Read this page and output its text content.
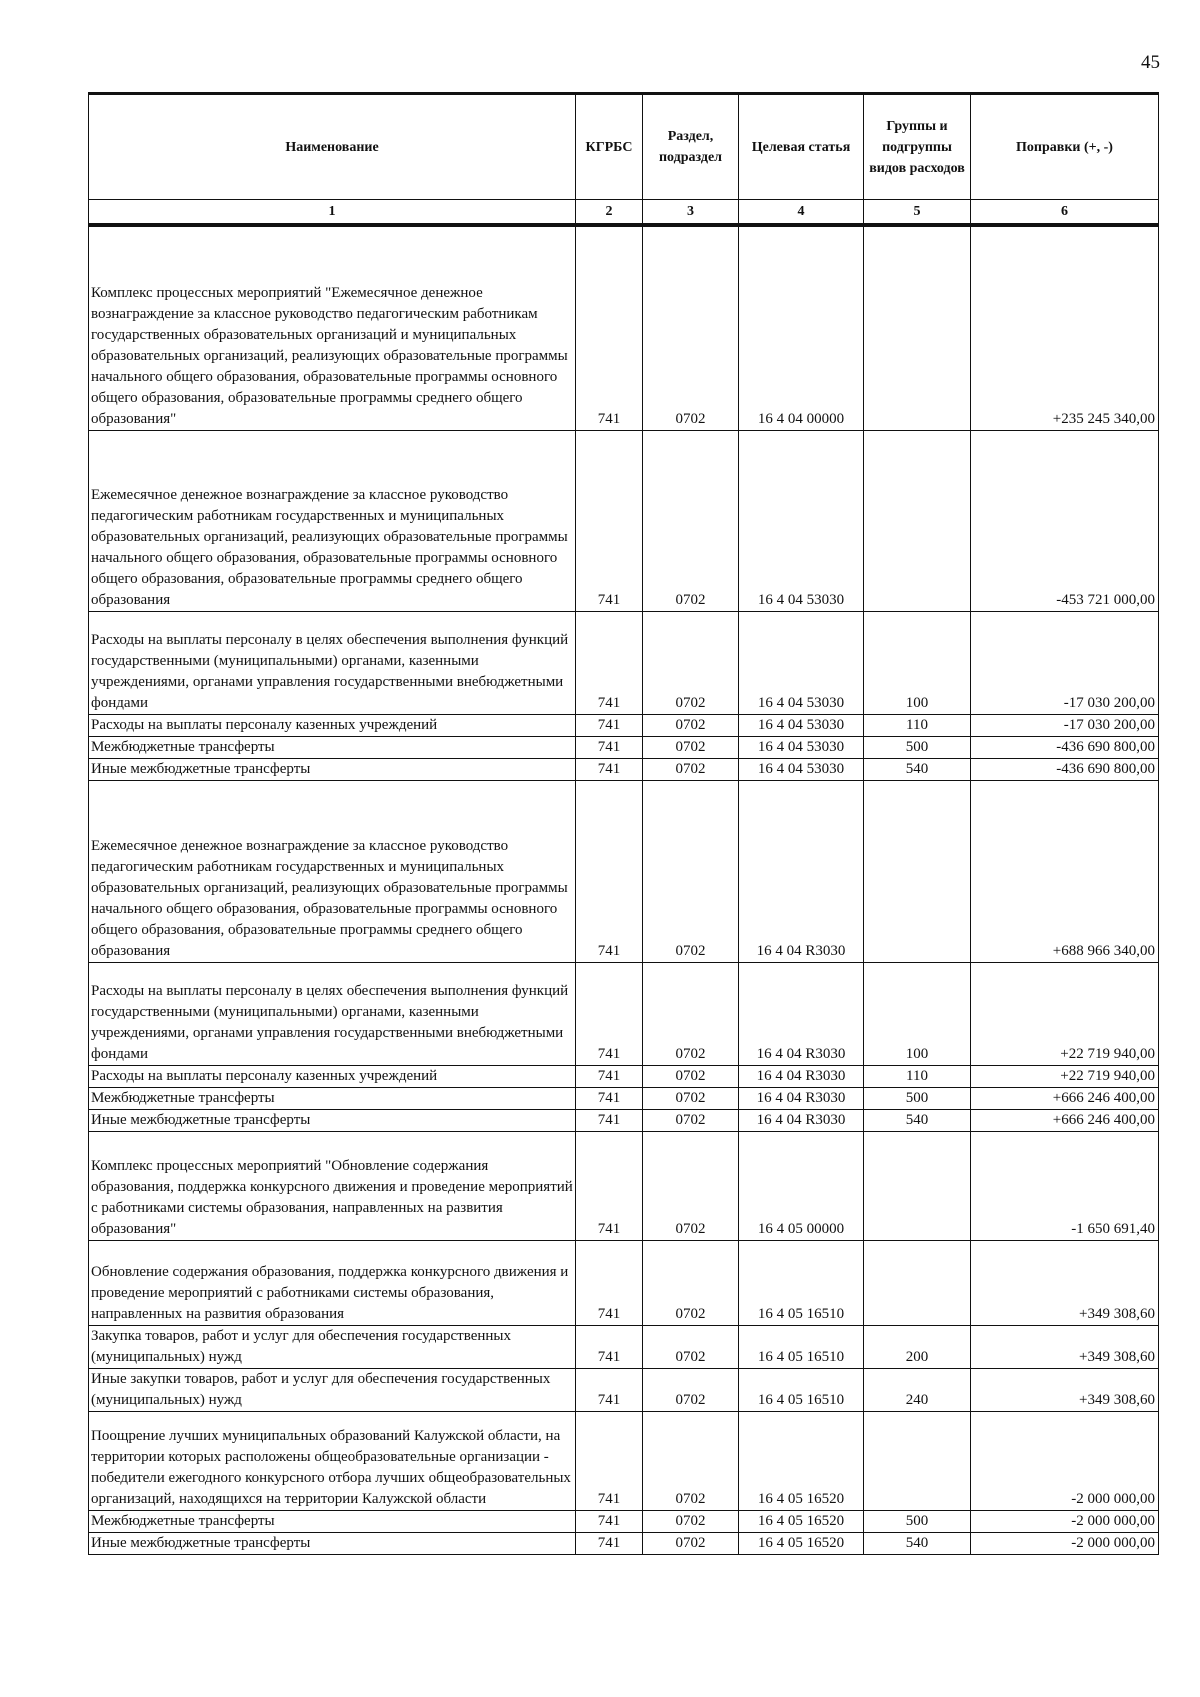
45
Наименование	КГРБС	Раздел, подраздел	Целевая статья	Группы и подгруппы видов расходов	Поправки (+, -)
1	2	3	4	5	6
Комплекс процессных мероприятий "Ежемесячное денежное вознаграждение за классное руководство педагогическим работникам государственных образовательных организаций и муниципальных образовательных организаций, реализующих образовательные программы начального общего образования, образовательные программы основного общего образования, образовательные программы среднего общего образования"	741	0702	16 4 04 00000		+235 245 340,00
Ежемесячное денежное вознаграждение за классное руководство педагогическим работникам государственных и муниципальных образовательных организаций, реализующих образовательные программы начального общего образования, образовательные программы основного общего образования, образовательные программы среднего общего образования	741	0702	16 4 04 53030		-453 721 000,00
Расходы на выплаты персоналу в целях обеспечения выполнения функций государственными (муниципальными) органами, казенными учреждениями, органами управления государственными внебюджетными фондами	741	0702	16 4 04 53030	100	-17 030 200,00
Расходы на выплаты персоналу казенных учреждений	741	0702	16 4 04 53030	110	-17 030 200,00
Межбюджетные трансферты	741	0702	16 4 04 53030	500	-436 690 800,00
Иные межбюджетные трансферты	741	0702	16 4 04 53030	540	-436 690 800,00
Ежемесячное денежное вознаграждение за классное руководство педагогическим работникам государственных и муниципальных образовательных организаций, реализующих образовательные программы начального общего образования, образовательные программы основного общего образования, образовательные программы среднего общего образования	741	0702	16 4 04 R3030		+688 966 340,00
Расходы на выплаты персоналу в целях обеспечения выполнения функций государственными (муниципальными) органами, казенными учреждениями, органами управления государственными внебюджетными фондами	741	0702	16 4 04 R3030	100	+22 719 940,00
Расходы на выплаты персоналу казенных учреждений	741	0702	16 4 04 R3030	110	+22 719 940,00
Межбюджетные трансферты	741	0702	16 4 04 R3030	500	+666 246 400,00
Иные межбюджетные трансферты	741	0702	16 4 04 R3030	540	+666 246 400,00
Комплекс процессных мероприятий "Обновление содержания образования, поддержка конкурсного движения и проведение мероприятий с работниками системы образования, направленных на развития образования"	741	0702	16 4 05 00000		-1 650 691,40
Обновление содержания образования, поддержка конкурсного движения и проведение мероприятий с работниками системы образования, направленных на развития образования	741	0702	16 4 05 16510		+349 308,60
Закупка товаров, работ и услуг для обеспечения государственных (муниципальных) нужд	741	0702	16 4 05 16510	200	+349 308,60
Иные закупки товаров, работ и услуг для обеспечения государственных (муниципальных) нужд	741	0702	16 4 05 16510	240	+349 308,60
Поощрение лучших муниципальных образований Калужской области, на территории которых расположены общеобразовательные организации - победители ежегодного конкурсного отбора лучших общеобразовательных организаций, находящихся на территории Калужской области	741	0702	16 4 05 16520		-2 000 000,00
Межбюджетные трансферты	741	0702	16 4 05 16520	500	-2 000 000,00
Иные межбюджетные трансферты	741	0702	16 4 05 16520	540	-2 000 000,00
